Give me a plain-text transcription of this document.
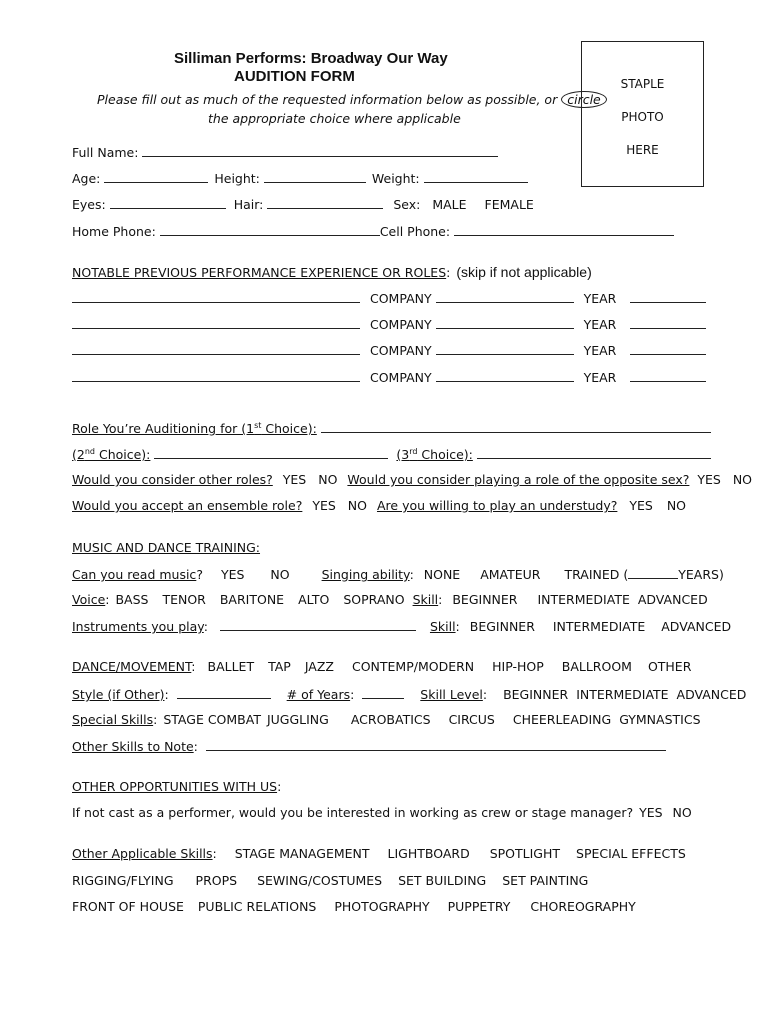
Silliman Performs: Broadway Our Way
AUDITION FORM
Please fill out as much of the requested information below as possible, or circle
the appropriate choice where applicable
STAPLE
PHOTO
HERE
Full Name:
Age:	Height:	Weight:
Eyes:	Hair:	Sex: MALE FEMALE
Home Phone:	Cell Phone:
NOTABLE PREVIOUS PERFORMANCE EXPERIENCE OR ROLES: (skip if not applicable)
COMPANY	YEAR
COMPANY	YEAR
COMPANY	YEAR
COMPANY	YEAR
Role You’re Auditioning for (1st Choice):
(2nd Choice):	(3rd Choice):
Would you consider other roles? YES NO Would you consider playing a role of the opposite sex? YES NO
Would you accept an ensemble role? YES NO Are you willing to play an understudy? YES NO
MUSIC AND DANCE TRAINING:
Can you read music? YES NO	Singing ability: NONE AMATEUR TRAINED (	YEARS)
Voice: BASS TENOR BARITONE ALTO SOPRANO Skill: BEGINNER INTERMEDIATE ADVANCED
Instruments you play:	Skill: BEGINNER INTERMEDIATE ADVANCED
DANCE/MOVEMENT: BALLET TAP JAZZ CONTEMP/MODERN HIP-HOP BALLROOM OTHER
Style (if Other):	# of Years:	Skill Level: BEGINNER INTERMEDIATE ADVANCED
Special Skills: STAGE COMBAT JUGGLING ACROBATICS CIRCUS CHEERLEADING GYMNASTICS
Other Skills to Note:
OTHER OPPORTUNITIES WITH US:
If not cast as a performer, would you be interested in working as crew or stage manager? YES NO
Other Applicable Skills: STAGE MANAGEMENT LIGHTBOARD SPOTLIGHT SPECIAL EFFECTS
RIGGING/FLYING PROPS SEWING/COSTUMES SET BUILDING SET PAINTING
FRONT OF HOUSE PUBLIC RELATIONS PHOTOGRAPHY PUPPETRY CHOREOGRAPHY
